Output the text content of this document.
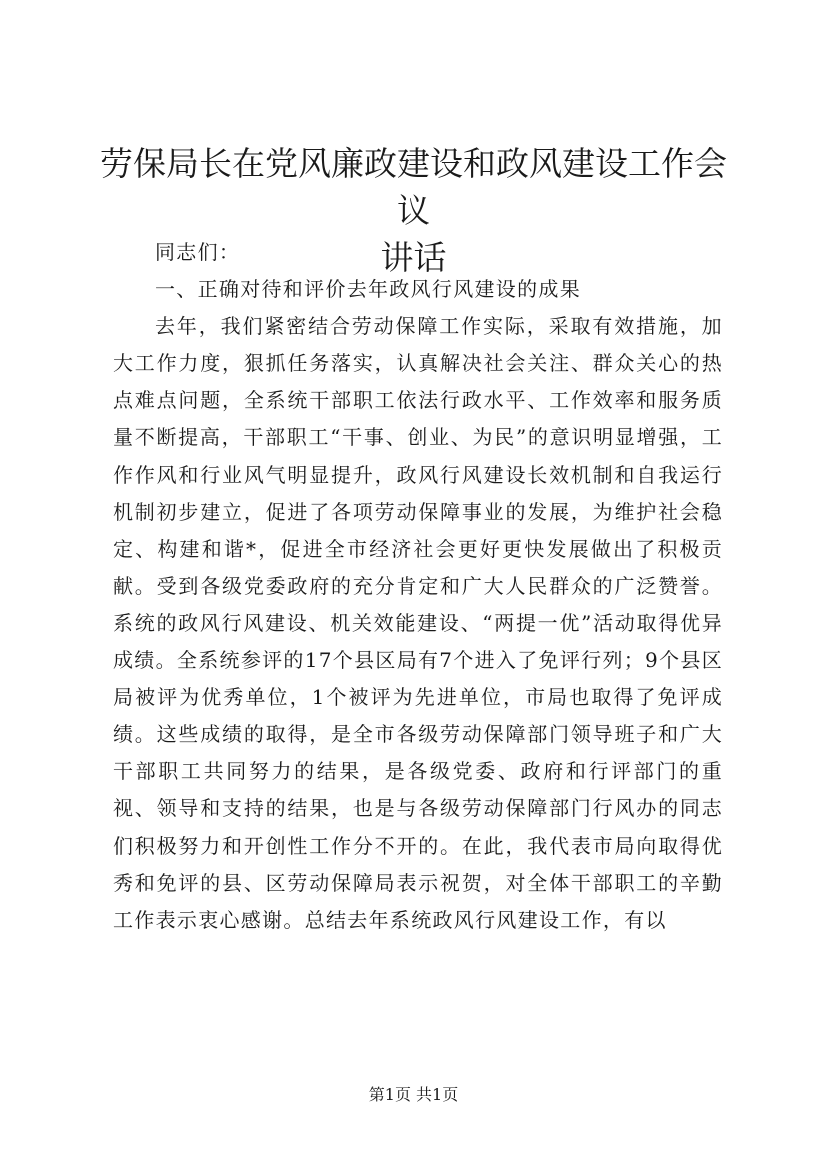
劳保局长在党风廉政建设和政风建设工作会议
讲话

同志们：

一、正确对待和评价去年政风行风建设的成果

去年，我们紧密结合劳动保障工作实际，采取有效措施，加大工作力度，狠抓任务落实，认真解决社会关注、群众关心的热点难点问题，全系统干部职工依法行政水平、工作效率和服务质量不断提高，干部职工“干事、创业、为民”的意识明显增强，工作作风和行业风气明显提升，政风行风建设长效机制和自我运行机制初步建立，促进了各项劳动保障事业的发展，为维护社会稳定、构建和谐*，促进全市经济社会更好更快发展做出了积极贡献。受到各级党委政府的充分肯定和广大人民群众的广泛赞誉。系统的政风行风建设、机关效能建设、“两提一优”活动取得优异成绩。全系统参评的17个县区局有7个进入了免评行列；9个县区局被评为优秀单位，1个被评为先进单位，市局也取得了免评成绩。这些成绩的取得，是全市各级劳动保障部门领导班子和广大干部职工共同努力的结果，是各级党委、政府和行评部门的重视、领导和支持的结果，也是与各级劳动保障部门行风办的同志们积极努力和开创性工作分不开的。在此，我代表市局向取得优秀和免评的县、区劳动保障局表示祝贺，对全体干部职工的辛勤工作表示衷心感谢。总结去年系统政风行风建设工作，有以

第1页 共1页
